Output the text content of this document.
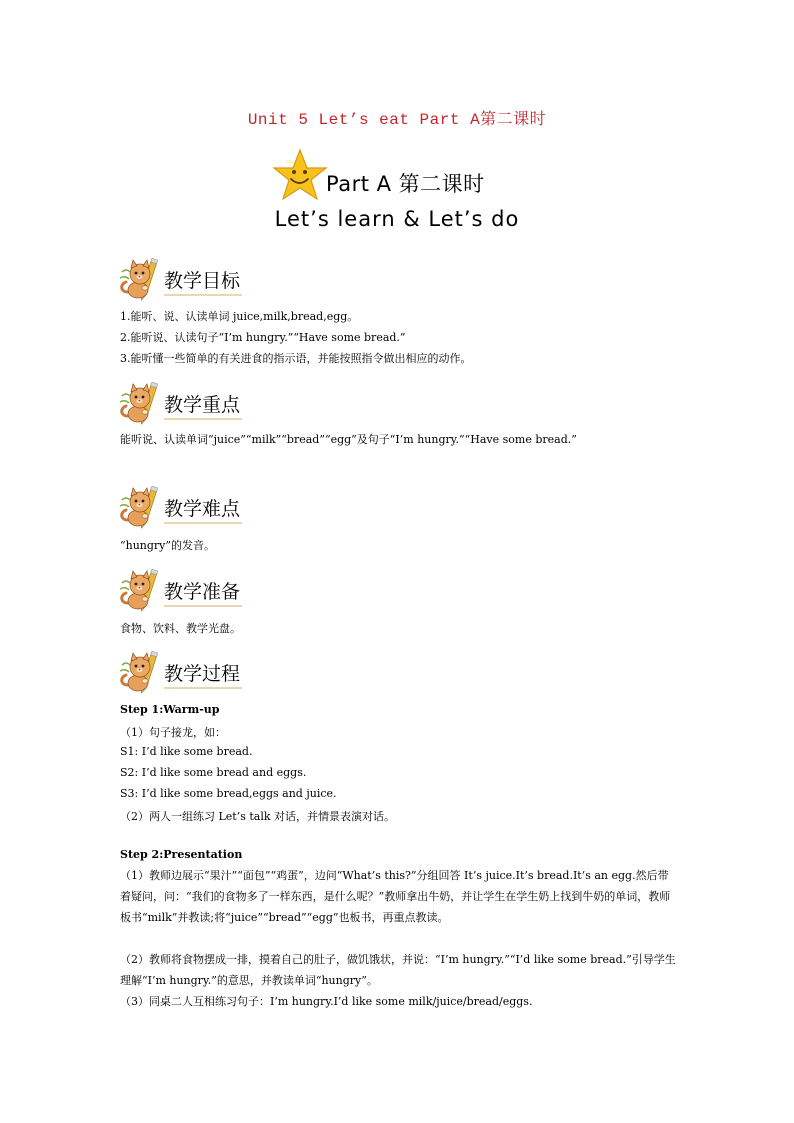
Unit 5 Let’s eat Part A第二课时
Part A 第二课时
Let’s learn & Let’s do
教学目标
1.能听、说、认读单词 juice,milk,bread,egg。
2.能听说、认读句子“I’m hungry.”“Have some bread.”
3.能听懂一些简单的有关进食的指示语，并能按照指令做出相应的动作。
教学重点
能听说、认读单词“juice”“milk”“bread”“egg”及句子“I’m hungry.”“Have some bread.”
教学难点
“hungry”的发音。
教学准备
食物、饮料、教学光盘。
教学过程
Step 1:Warm-up
（1）句子接龙，如：
S1: I’d like some bread.
S2: I’d like some bread and eggs.
S3: I’d like some bread,eggs and juice.
（2）两人一组练习 Let’s talk 对话，并情景表演对话。
Step 2:Presentation
（1）教师边展示“果汁”“面包”“鸡蛋”，边问“What’s this?”分组回答 It’s juice.It’s bread.It’s an egg.然后带着疑问，问：“我们的食物多了一样东西，是什么呢？”教师拿出牛奶，并让学生在学生奶上找到牛奶的单词，教师板书“milk”并教读;将“juice”“bread”“egg”也板书，再重点教读。
（2）教师将食物摆成一排，摸着自己的肚子，做饥饿状，并说：“I’m hungry.”“I’d like some bread.”引导学生理解“I’m hungry.”的意思，并教读单词“hungry”。
（3）同桌二人互相练习句子：I’m hungry.I’d like some milk/juice/bread/eggs.
